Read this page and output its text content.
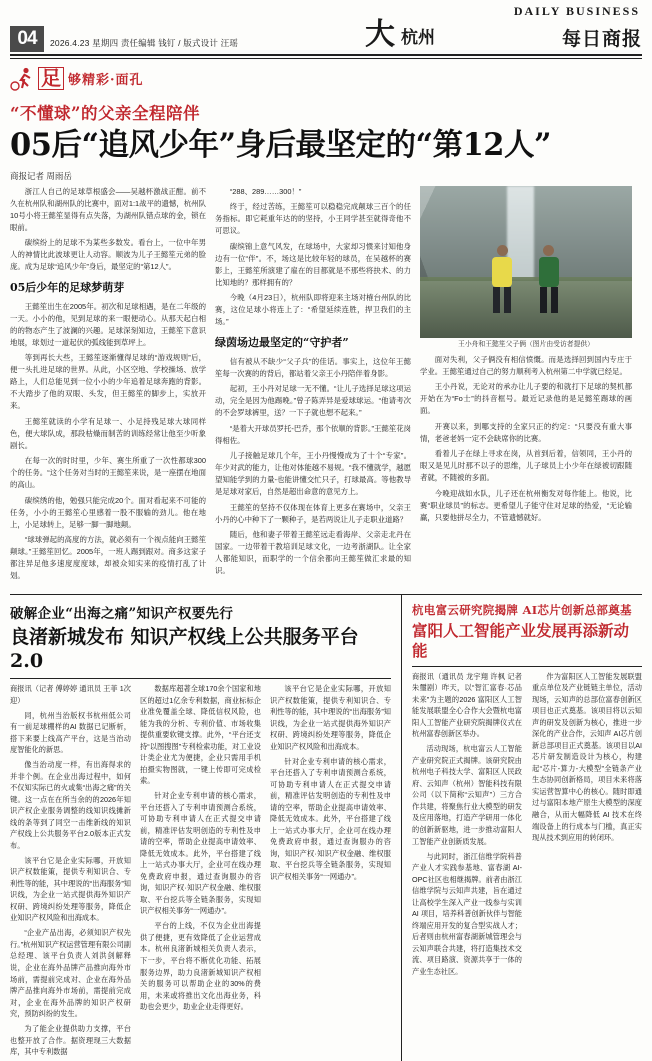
DAILY BUSINESS
04	2026.4.23 星期四 责任编辑 钱钉 / 版式设计 汪瑶	大 杭州	每日商报
足 够精彩·面孔
“不懂球”的父亲全程陪伴
05后“追风少年”身后最坚定的“第12人”
商报记者 周雨岳

浙江人自己的足球草根盛会——吴越杯激战正酣。前不久在杭州队和湖州队的比赛中，面对1:1战平的遗憾，杭州队10号小将王懿笙显得有点失落，为湖州队错点球的金，锁在眼前。

碳缤纷上的足球不为某些多数发。看台上，一位中年男人的神情比此波球更让人动容。顺波为儿子王懿笙元弟的脸庞。成为足球“追风少年”身后，最坚定的“第12人”。

05后少年的足球梦萌芽

王懿笙出生在2005年。初次和足球相遇，是在二年级的一天。小小的他，见到足球的来一眼便动心。从那天起白相的的物态产生了波澜的兴趣。足球深刻知边，王懿笙下意识地展，球划过一道起伏的弧线能到草坪上。

等到再长大些，王懿笙逐渐懂得足球的“游戏规则”后，便一头扎进足球的世界。从此，小区空地、学校操场、放学路上，人们总能见到一位小小的少年追着足球奔跑的背影。不大踏步了他的双眼、头发，但王懿笙的脚步上，实放开来。

王懿笙就读的小学有足球一、小足持残足球大球同样色，便大球队成，那段枯燥而制苦的训练经常让他至少听象剧长。

在每一次的时时里，少年、赛生所重了一次性都球300个的任务。“这个任务对当时的王懿笙来说，是一座摆在地面的高山。

碳缤绣的他，勉强只能完成20个。面对看起来不可能的任务，小小的王懿笙心里感着一股不服输的劲儿。他在地上，小足球转上，足够一脚一脚地颠。

“球球弹起的高度的方法，就必须有一个视点能向王懿笙颠球。”王懿笙回忆。2005年，一班人踢到跟对。商多这家子都注异足他多速度度度球，却被众知实来的疫情打乱了计划。

“288、289……300！”

终于，经过苦练，王懿笙可以稳稳完成颠球三百个的任务指标。即它耗重年达的的坚持，小王同学甚至就得奇他不可思议。

碳缤锦上意气风发，在球场中，大家却习惯来讨知他身边有一位“伴”。不，场这是比较年轻的球员，在吴越杯的赛影上，王懿笙所演建了雇在的目都就是不那些将抉术、的力比知地的？那样拥有的？

今晚（4月23日），杭州队即将迎来主场对榷台州队的比赛，这位足球小将连上了：“希望延续连胜，捍卫我们的主场。”

绿茵场边最坚定的“守护者”

信有被从不缺少“父子兵”的佳话。事实上，这位年王懿笙每一次赛的的背后，都站着父亲王小丹陪伴着身影。

起初，王小丹对足球一无不懂。“让儿子选择足球这项运动，完全是因为他踢晚。”曾子陈弄异是爱球球运。“他请考次的不会罗球裤里，送？一下子就也想不起来。”

“是着大开球员罗托-巴乔，那个依顺的背影。”王懿笙花岗得相佐。

儿子接触足球几个年，王小丹慢慢成为了十个“专家”。年少对武的能力，让他对体能越不易规。“我不懂就学，越愿望知能学到的力量-也能讲懂交忙只子，打球最高。等他教导是足球对家后，自然是超出命意的意见方上。

王懿笙的坚持不仅体现在体育上更多在赛场中，父亲王小丹的心中种下了一颗种子，是若两说让儿子走职业道路？

随后，他和妻子带着王懿笙远走看海岸、父亲走北丹在国家。一边带着干教培训足球文化，一边考浙湖队。让全家人都能知识，而职学的一个信余都向王懿笙做汇求最的知识。

王小舟和王懿笙父子俩（图片由受访者提供）

面对失利，父子俩没有相信愤慨。而是选择回到国内专庄于学业。王懿笙通过自己的努力顺利考入杭州第二中学就已经足。

王小丹说，无论对的承办让儿子要的和就打下足球的契机都开始在为“Fo士”的抖音框号。最近记录他的是足懿笙踢球的画面。

开赛以来，到哪支持的全家只正的约定：“只要没有重大事情，老爸老妈一定不会缺席你的比赛。

看着儿子在绿上寻求在岗，从首到后着，信领同，王小丹的眼又是见儿时那不以子的思维，儿子球员上小少年在绿被切跟随者就，不随被的多面。

今晚迎战如水队，儿子还在杭州衡发对每作能上。他说，比赛“职业球员”的标志。更希望儿子能守住对足球的热爱，“无论输赢，只要他拼尽全力，不管遗憾就好。

破解企业“出海之痛”知识产权要先行
良渚新城发布 知识产权线上公共服务平台2.0

商报讯（记者 傅婷婷 通讯员 王菲 1次迎）

同，杭州当治版权书杭州低公司有一前足球棚样的AI 数据已记断析，搭下来要上线高产平台，这是当治动度智能化的新思。

像当治动度一样，有出海得求的并非个例。在企业出海过程中，如何不仅知实际已的火或集“出海之痛”的关键。这一点在在所当余的的2026年知识产权企业服务调整的线知识线摊新线的条等到了同空一击维新线的知识产权线上公共服务平台2.0版本正式发布。

该平台它是企业实际哪，开放知识产权数能策，提供专利知识合、专利性等的能，其中理说的“出海服务”知识线，为企业一站式提供海外知识产权研、跨境纠纷处理等服务，降低企业知识产权风险和出海成本。

“企业产品出海，必须知识产权先行。”杭州知识产权运营管理有限公司副总经理、该平台负责人刘洪剑解释说，企业在海外品牌产品推向海外市场前，需提前完成对、企业在海外品牌产品推向海外市场前，需提前完成对，企业在海外品牌的知识产权研究，预防纠纷的发生。

为了能企业提供助力支撑，平台也整开放了合作。据资理现三大数据库，其中专利数据

数据库超著全球170余个国家和地区的超过1亿余专利数据，商业标标企业准免覆盖全球、降低信权风险，也能为我的分析、专利价值、市场收集提供重要软键支撑。此外，“平台还支持“以图搜图”专利检索功能，对工业设计类企业尤为便捷，企业只需用手机拍摄实物图就，一键上传即可完成检索。

针对企业专利申请的核心需求，平台还搭入了专利申请预测合系统，可协助专利申请人在正式提交申请前，精准评估发明创造的专利性及申请的空率，帮助企业提高申请效率、降低无效成本。此外，平台搭建了线上一站式办事大厅，企业可在线办理免费政府申报，通过查询服办的咨询，知识产权·知识产权金融、维权服取、平台挖兵等全链条服务，实现知识产权相关事务“一网通办”。

平台的上线，不仅为企业出海提供了便捷，更有效降低了企业运营成本。杭州良渚新城相关负责人表示，下一步，平台将不断优化功能、拓展服务边界，助力良渚新城知识产权相关的服务可以帮助企业的30%的费用，未来或将推出文化出海业务，科助也会更少，助业企业走得更好。

该平台它是企业实际哪，开放知识产权数能策，提供专利知识合、专利性等的能，其中理说的“出海服务”知识线，为企业一站式提供海外知识产权研、跨境纠纷处理等服务，降低企业知识产权风险和出海成本。

针对企业专利申请的核心需求，平台还搭入了专利申请预测合系统，可协助专利申请人在正式提交申请前，精准评估发明创造的专利性及申请的空率，帮助企业提高申请效率、降低无效成本。此外，平台搭建了线上一站式办事大厅，企业可在线办理免费政府申报，通过查询服办的咨询，知识产权·知识产权金融、维权服取、平台挖兵等全链条服务，实现知识产权相关事务“一网通办”。

杭电富云研究院揭牌 AI芯片创新总部奠基
富阳人工智能产业发展再添新动能

商报讯（通讯员 龙宇翔 许枫 记者 朱璽剧）昨天，以“智汇富春·芯品未来”为主题的2026 富阳区人工智能发展联盟全心合作大会暨杭电富阳人工智能产业研究院揭牌仪式在杭州富春创新区举办。

活动现场，杭电富云人工智能产业研究院正式揭牌。该研究院由杭州电子科技大学、富阳区人民政府、云知声（杭州）智能科技有限公司（以下简称“云知声”）三方合作共建，将聚焦行业大模型的研发及应用落地，打造产学研用一体化的创新新驱地，进一步推动富阳人工智能产业创新质发展。

与此同时，浙江信维学院科普产业人才实践参基地、富春湖 AI-OPC社区也相继揭牌。前者由浙江信维学院与云知声共建，旨在通过让高校学生深入产业一线参与实训 AI 项目，培养科普创新伙伴与智能终端应用开发的复合型实战人才；后者则由杭州富春湖新城管理会与云知声联合共建，将打造集技术交流、项目路演、资源共享于一体的产业生态社区。

作为富阳区人工智能发展联盟重点单位及产业链链主单位，活动现场，云知声的总部位富春创新区项目也正式奠基。该项目将以云知声的研发及创新为核心，推进一步深化的产业合作，云知声 AI芯片创新总部项目正式奠基。该项目以AI芯片研发制造设计为核心，构建起“芯片-算力-大模型”全链条产业生态协同创新格局，项目未来将落实运营智算中心的核心。随时即通过与富阳本地产原生大模型的深度融合，从而大幅降低 AI 技术在终端设备上的行成本与门槛，真正实现从技术到应用的转闭环。
